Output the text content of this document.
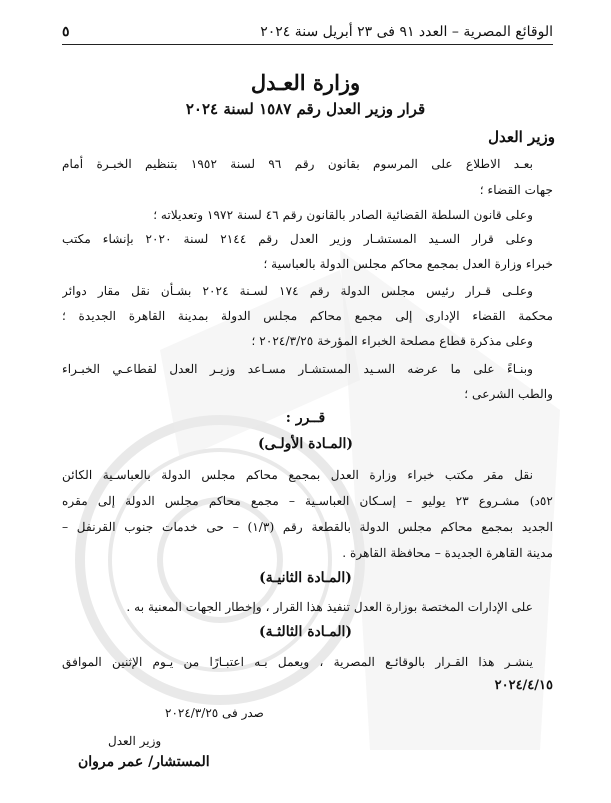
الوقائع المصرية – العدد ٩١ فى ٢٣ أبريل سنة ٢٠٢٤
٥
وزارة العـدل
قرار وزير العدل رقم ١٥٨٧ لسنة ٢٠٢٤
وزير العدل
بعـد الاطلاع على المرسوم بقانون رقم ٩٦ لسنة ١٩٥٢ بتنظيم الخبـرة أمام
جهات القضاء ؛
وعلى قانون السلطة القضائية الصادر بالقانون رقم ٤٦ لسنة ١٩٧٢ وتعديلاته ؛
وعلى قرار السـيد المستشـار وزير العدل رقم ٢١٤٤ لسنة ٢٠٢٠ بإنشاء مكتب
خبراء وزارة العدل بمجمع محاكم مجلس الدولة بالعباسية ؛
وعلـى قـرار رئيس مجلس الدولة رقم ١٧٤ لسـنة ٢٠٢٤ بشـأن نقل مقار دوائر
محكمة القضاء الإدارى إلى مجمع محاكم مجلس الدولة بمدينة القاهرة الجديدة ؛
وعلى مذكرة قطاع مصلحة الخبراء المؤرخة ٢٠٢٤/٣/٢٥ ؛
وبنـاءً على ما عرضه السـيد المستشـار مسـاعد وزيـر العدل لقطاعـي الخبـراء
والطب الشرعى ؛
قــرر :
(المـادة الأولـى)
نقل مقر مكتب خبراء وزارة العدل بمجمع محاكم مجلس الدولة بالعباسـية الكائن
٥٢د) مشـروع ٢٣ يوليو – إسـكان العباسـية – مجمع محاكم مجلس الدولة إلى مقره
الجديد بمجمع محاكم مجلس الدولة بالقطعة رقم (١/٣) – حى خدمات جنوب القرنفل –
مدينة القاهرة الجديدة – محافظة القاهرة .
(المـادة الثانيـة)
على الإدارات المختصة بوزارة العدل تنفيذ هذا القرار ، وإخطار الجهات المعنية به .
(المـادة الثالثـة)
ينشـر هذا القـرار بالوقائـع المصرية ، ويعمل بـه اعتبـارًا من يـوم الإثنين الموافق
٢٠٢٤/٤/١٥
صدر فى ٢٠٢٤/٣/٢٥
وزير العدل
المستشار/ عمر مروان
